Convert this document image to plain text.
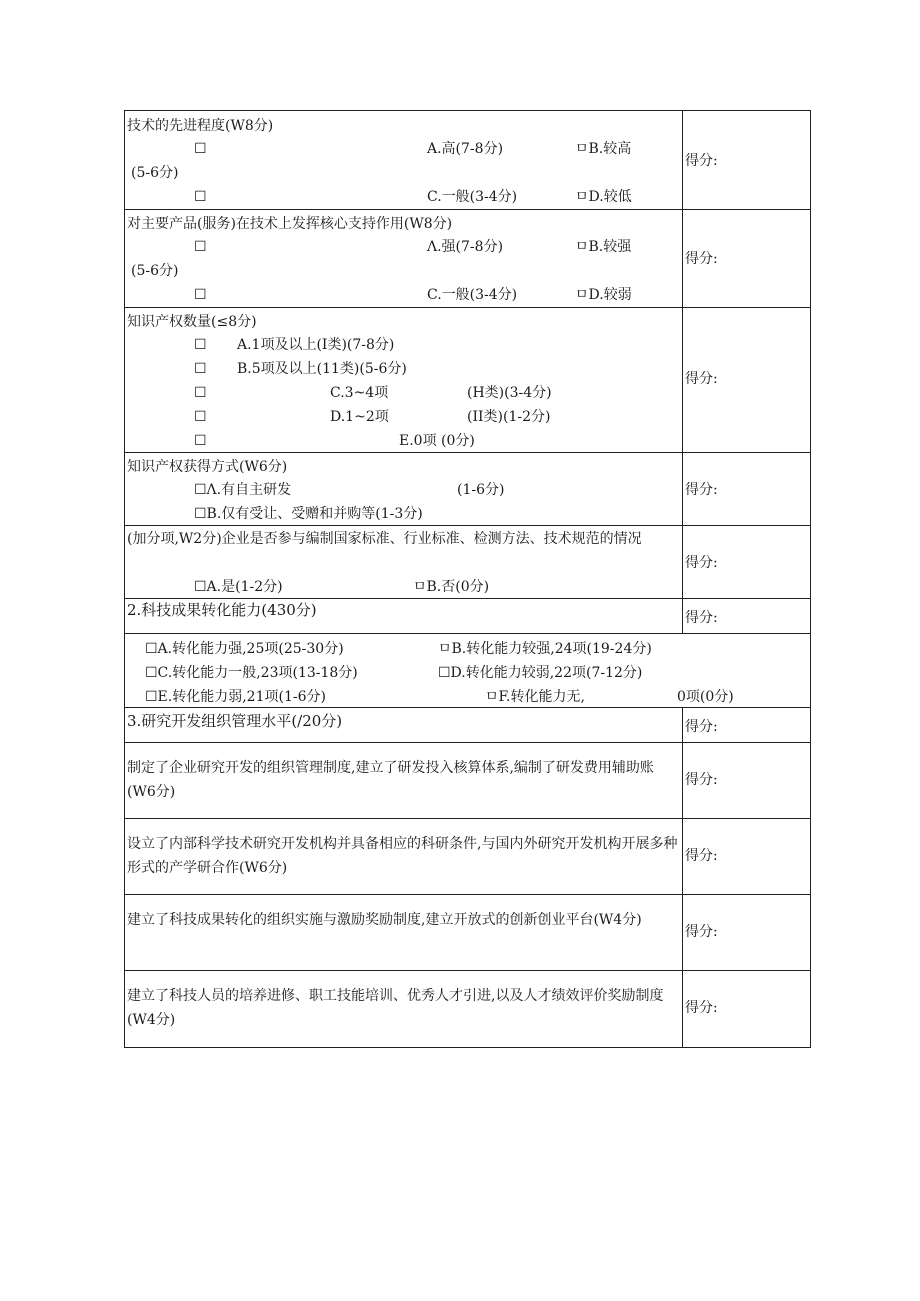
技术的先进程度(W8分)
☐	A.高(7-8分)	ㅁB.较高
(5-6分)
☐	C.一般(3-4分)	ㅁD.较低
得分:
对主要产品(服务)在技术上发挥核心支持作用(W8分)
☐	Λ.强(7-8分)	ㅁB.较强
(5-6分)
☐	C.一般(3-4分)	ㅁD.较弱
得分:
知识产权数量(≤8分)
☐ A.1项及以上(I类)(7-8分)
☐ B.5项及以上(11类)(5-6分)
☐	C.3~4项	(H类)(3-4分)
☐	D.1~2项	(II类)(1-2分)
☐	E.0项 (0分)
得分:
知识产权获得方式(W6分)
☐Λ.有自主研发	(1-6分)
☐B.仅有受让、受赠和并购等(1-3分)
得分:
(加分项,W2分)企业是否参与编制国家标准、行业标准、检测方法、技术规范的情况
☐A.是(1-2分)	ㅁB.否(0分)
得分:
2.科技成果转化能力(430分)	得分:
☐A.转化能力强,25项(25-30分)	ㅁB.转化能力较强,24项(19-24分)
☐C.转化能力一般,23项(13-18分)	☐D.转化能力较弱,22项(7-12分)
☐E.转化能力弱,21项(1-6分)	ㅁF.转化能力无,	0项(0分)
3.研究开发组织管理水平(/20分)	得分:
制定了企业研究开发的组织管理制度,建立了研发投入核算体系,编制了研发费用辅助账(W6分)
得分:
设立了内部科学技术研究开发机构并具备相应的科研条件,与国内外研究开发机构开展多种形式的产学研合作(W6分)
得分:
建立了科技成果转化的组织实施与激励奖励制度,建立开放式的创新创业平台(W4分)
得分:
建立了科技人员的培养进修、职工技能培训、优秀人才引进,以及人才绩效评价奖励制度(W4分)
得分:
